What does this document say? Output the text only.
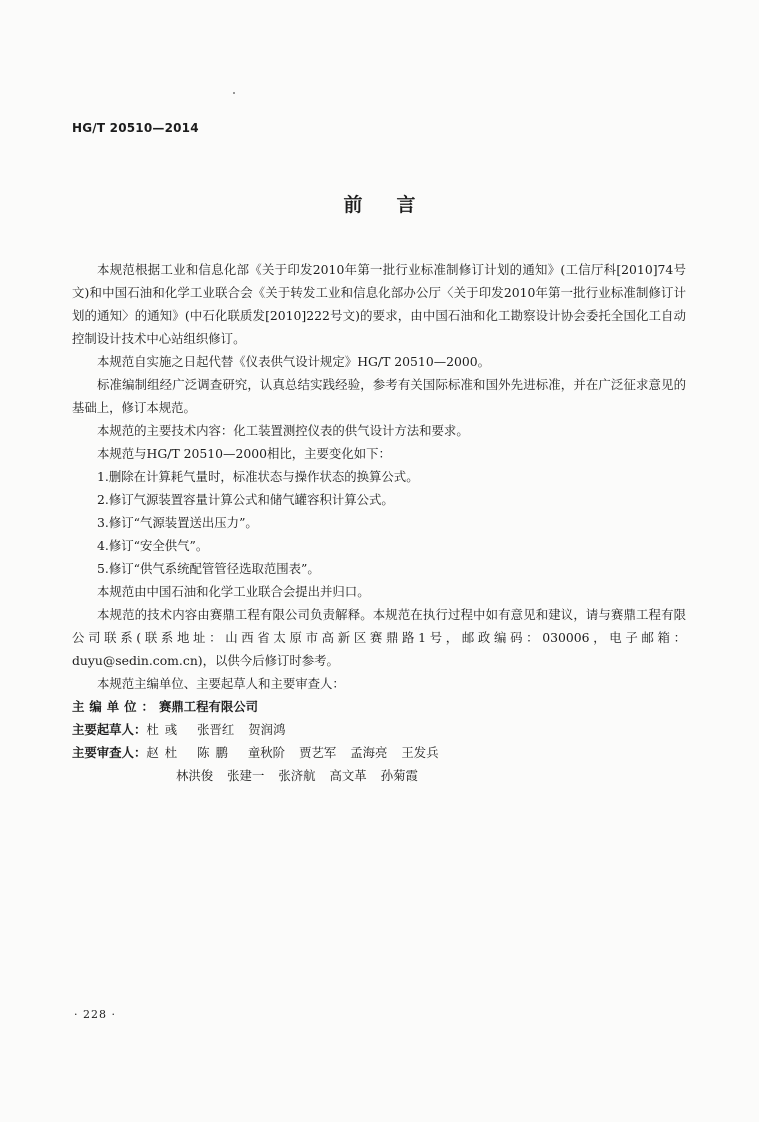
HG/T 20510—2014
前言

本规范根据工业和信息化部《关于印发2010年第一批行业标准制修订计划的通知》(工信厅科[2010]74号文)和中国石油和化学工业联合会《关于转发工业和信息化部办公厅〈关于印发2010年第一批行业标准制修订计划的通知〉的通知》(中石化联质发[2010]222号文)的要求，由中国石油和化工勘察设计协会委托全国化工自动控制设计技术中心站组织修订。

本规范自实施之日起代替《仪表供气设计规定》HG/T 20510—2000。

标准编制组经广泛调查研究，认真总结实践经验，参考有关国际标准和国外先进标准，并在广泛征求意见的基础上，修订本规范。

本规范的主要技术内容：化工装置测控仪表的供气设计方法和要求。

本规范与HG/T 20510—2000相比，主要变化如下：

1.删除在计算耗气量时，标准状态与操作状态的换算公式。

2.修订气源装置容量计算公式和储气罐容积计算公式。

3.修订“气源装置送出压力”。

4.修订“安全供气”。

5.修订“供气系统配管管径选取范围表”。

本规范由中国石油和化学工业联合会提出并归口。

本规范的技术内容由赛鼎工程有限公司负责解释。本规范在执行过程中如有意见和建议，请与赛鼎工程有限公司联系(联系地址：山西省太原市高新区赛鼎路1号，邮政编码：030006，电子邮箱：duyu@sedin.com.cn)，以供今后修订时参考。

本规范主编单位、主要起草人和主要审查人：

主编单位： 赛鼎工程有限公司
主要起草人： 杜彧 张晋红 贺润鸿
主要审查人： 赵杜 陈鹏 童秋阶 贾艺军 孟海亮 王发兵
林洪俊 张建一 张济航 高文革 孙菊霞
· 228 ·
